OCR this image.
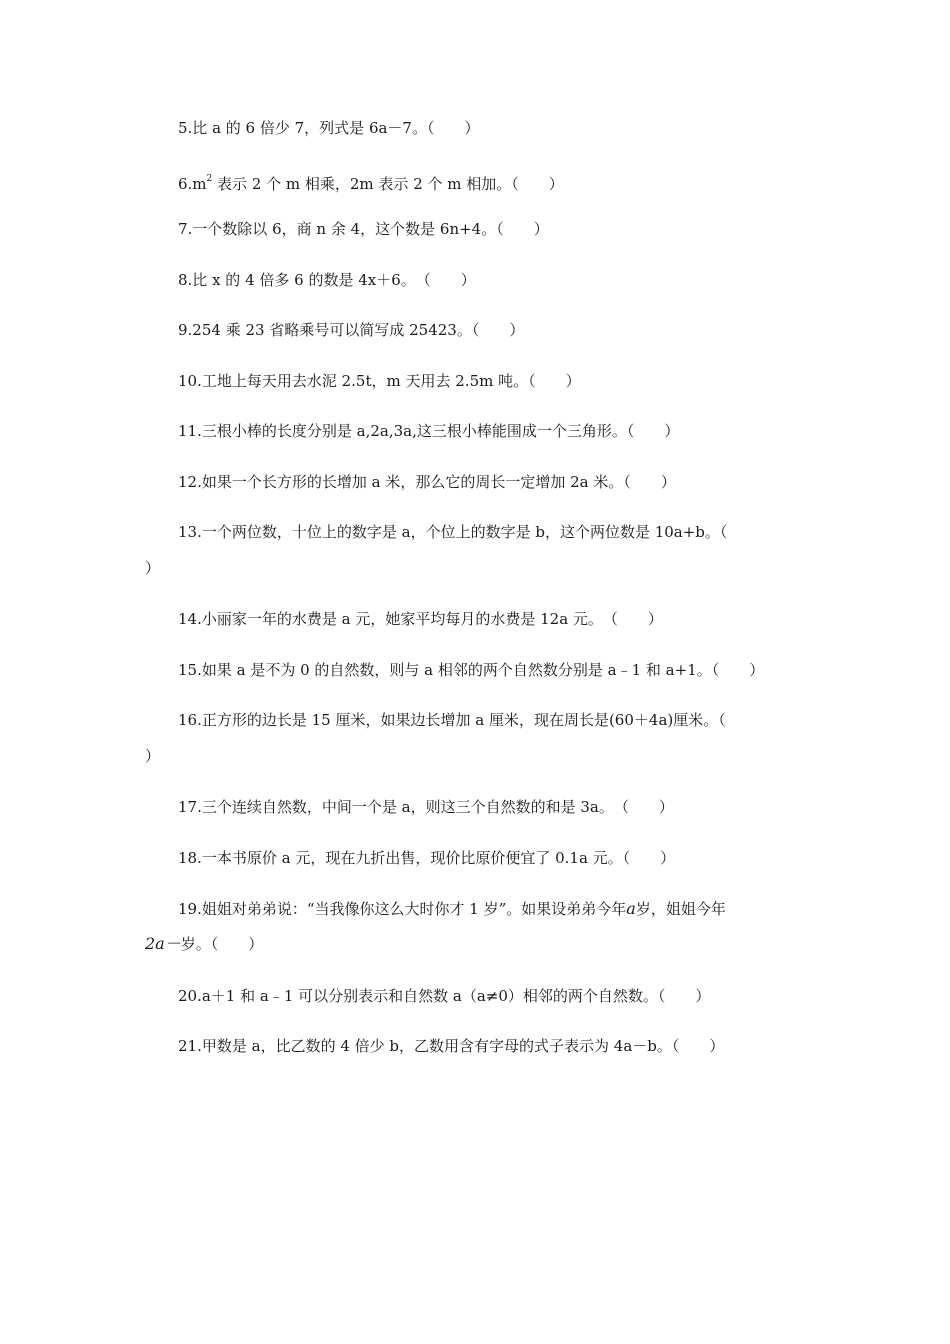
5.比 a 的 6 倍少 7，列式是 6a－7。（　　）
$6.m^2$ 表示 2 个 m 相乘，2m 表示 2 个 m 相加。（　　）
7.一个数除以 6，商 n 余 4，这个数是 6n+4。（　　）
8.比 x 的 4 倍多 6 的数是 4x＋6。　（　　）
9.254 乘 23 省略乘号可以简写成 25423。（　　）
10.工地上每天用去水泥 2.5t，m 天用去 2.5m 吨。（　　）
11.三根小棒的长度分别是 a,2a,3a,这三根小棒能围成一个三角形。（　　）
12.如果一个长方形的长增加 a 米，那么它的周长一定增加 2a 米。（　　）
13.一个两位数，十位上的数字是 a，个位上的数字是 b，这个两位数是 10a+b。（
）
14.小丽家一年的水费是 a 元，她家平均每月的水费是 12a 元。　（　　）
15.如果 a 是不为 0 的自然数，则与 a 相邻的两个自然数分别是 a﹣1 和 a+1。（　　）
16.正方形的边长是 15 厘米，如果边长增加 a 厘米，现在周长是(60＋4a)厘米。（
）
17.三个连续自然数，中间一个是 a，则这三个自然数的和是 3a。　（　　）
18.一本书原价 a 元，现在九折出售，现价比原价便宜了 0.1a 元。（　　）
19.姐姐对弟弟说：“当我像你这么大时你才 1 岁”。如果设弟弟今年a岁，姐姐今年
2a－岁。（　　）
20.a＋1 和 a﹣1 可以分别表示和自然数 a（a≠0）相邻的两个自然数。（　　）
21.甲数是 a，比乙数的 4 倍少 b，乙数用含有字母的式子表示为 4a－b。（　　）
